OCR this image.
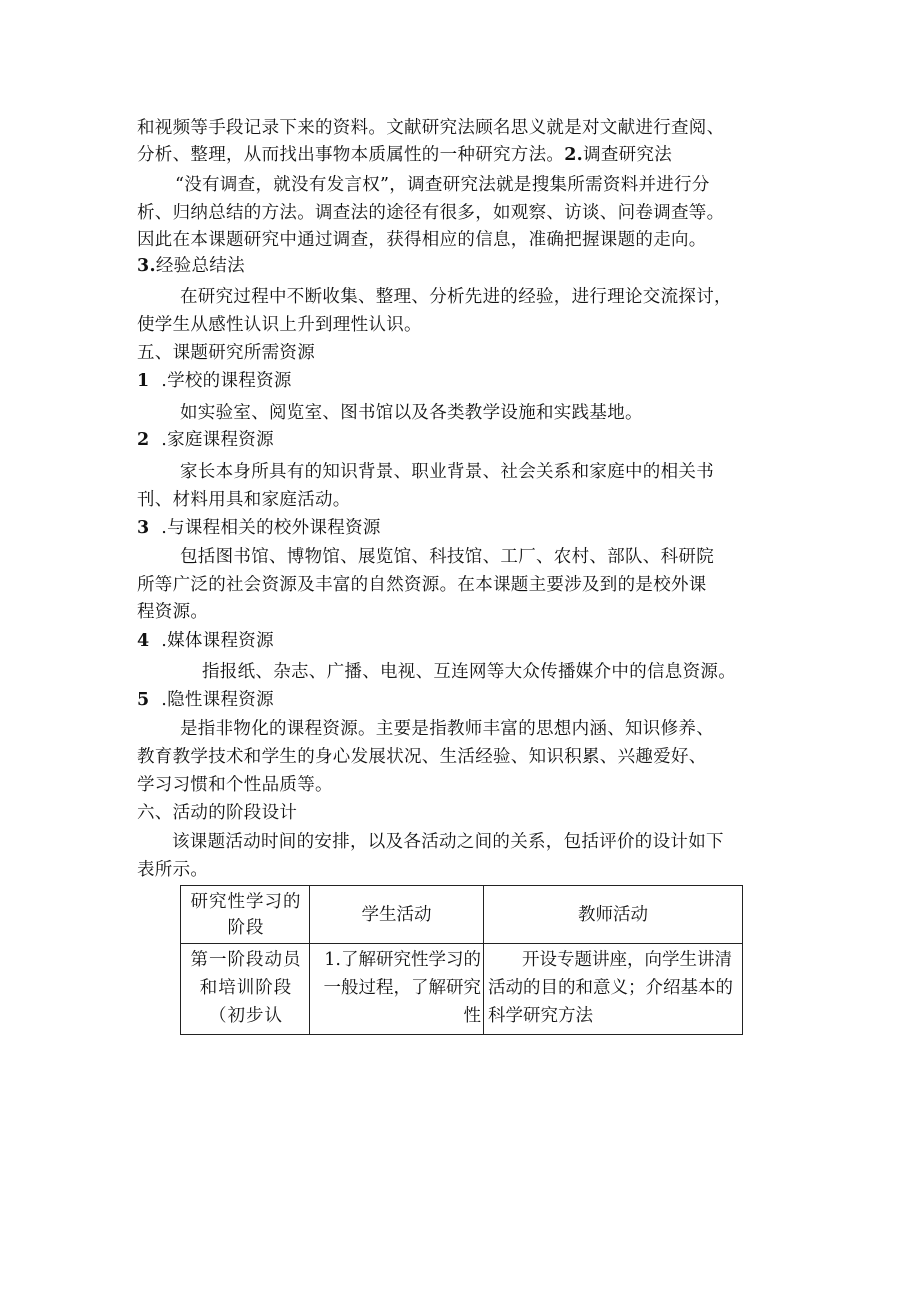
和视频等手段记录下来的资料。文献研究法顾名思义就是对文献进行查阅、
分析、整理，从而找出事物本质属性的一种研究方法。2.调查研究法
“没有调查，就没有发言权”，调查研究法就是搜集所需资料并进行分
析、归纳总结的方法。调查法的途径有很多，如观察、访谈、问卷调查等。
因此在本课题研究中通过调查，获得相应的信息，准确把握课题的走向。
3.经验总结法
在研究过程中不断收集、整理、分析先进的经验，进行理论交流探讨，
使学生从感性认识上升到理性认识。
五、课题研究所需资源
1 .学校的课程资源
如实验室、阅览室、图书馆以及各类教学设施和实践基地。
2 .家庭课程资源
家长本身所具有的知识背景、职业背景、社会关系和家庭中的相关书
刊、材料用具和家庭活动。
3 .与课程相关的校外课程资源
包括图书馆、博物馆、展览馆、科技馆、工厂、农村、部队、科研院
所等广泛的社会资源及丰富的自然资源。在本课题主要涉及到的是校外课
程资源。
4 .媒体课程资源
指报纸、杂志、广播、电视、互连网等大众传播媒介中的信息资源。
5 .隐性课程资源
是指非物化的课程资源。主要是指教师丰富的思想内涵、知识修养、
教育教学技术和学生的身心发展状况、生活经验、知识积累、兴趣爱好、
学习习惯和个性品质等。
六、活动的阶段设计
该课题活动时间的安排，以及各活动之间的关系，包括评价的设计如下
表所示。
研究性学习的阶段	学生活动	教师活动
第一阶段动员和培训阶段（初步认	1.了解研究性学习的一般过程，了解研究性	开设专题讲座，向学生讲清活动的目的和意义；介绍基本的科学研究方法
